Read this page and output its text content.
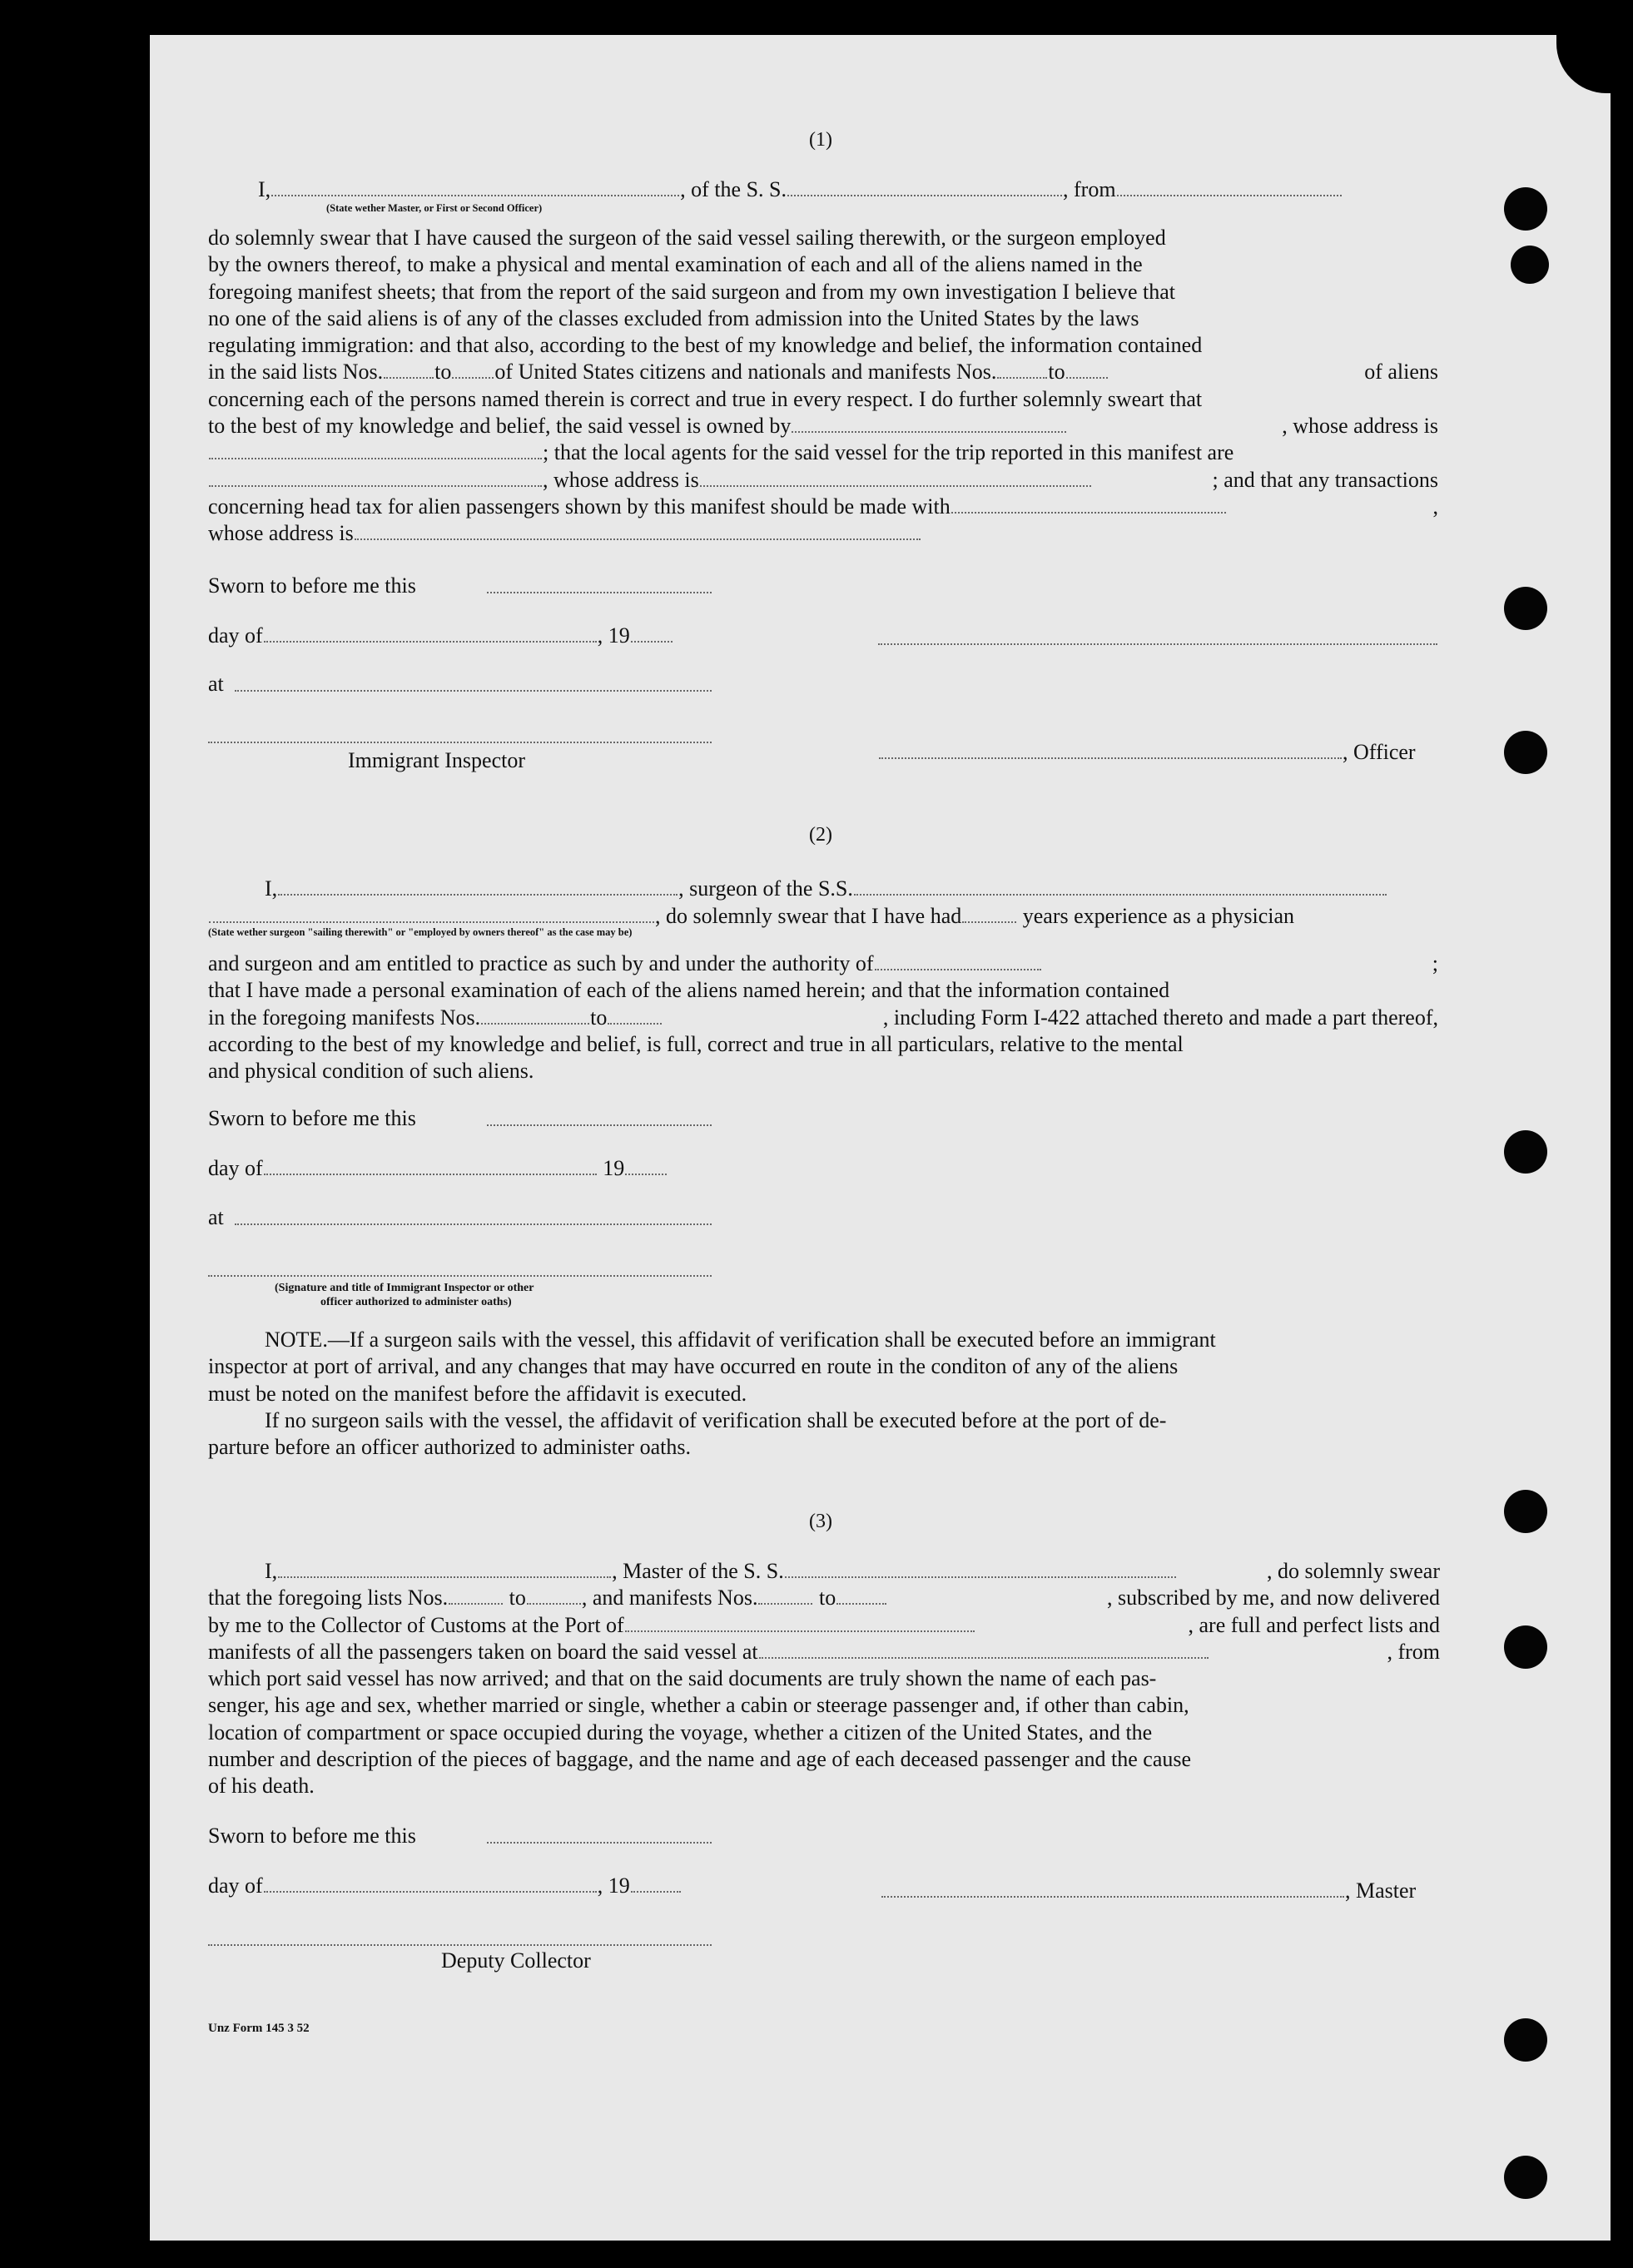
(1)
I,	, of the S. S.	, from
(State wether Master, or First or Second Officer)
do solemnly swear that I have caused the surgeon of the said vessel sailing therewith, or the surgeon employed
by the owners thereof, to make a physical and mental examination of each and all of the aliens named in the
foregoing manifest sheets; that from the report of the said surgeon and from my own investigation I believe that
no one of the said aliens is of any of the classes excluded from admission into the United States by the laws
regulating immigration: and that also, according to the best of my knowledge and belief, the information contained
in the said lists Nos. to of United States citizens and nationals and manifests Nos. to	of aliens
concerning each of the persons named therein is correct and true in every respect. I do further solemnly sweart that
to the best of my knowledge and belief, the said vessel is owned by	, whose address is
; that the local agents for the said vessel for the trip reported in this manifest are
, whose address is	; and that any transactions
concerning head tax for alien passengers shown by this manifest should be made with	,
whose address is
Sworn to before me this
day of	, 19
at
Immigrant Inspector	, Officer
(2)
I,	, surgeon of the S.S.
, do solemnly swear that I have had	years experience as a physician
(State wether surgeon "sailing therewith" or "employed by owners thereof" as the case may be)
and surgeon and am entitled to practice as such by and under the authority of	;
that I have made a personal examination of each of the aliens named herein; and that the information contained
in the foregoing manifests Nos.	to	, including Form I-422 attached thereto and made a part thereof,
according to the best of my knowledge and belief, is full, correct and true in all particulars, relative to the mental
and physical condition of such aliens.
Sworn to before me this
day of	19
at
(Signature and title of Immigrant Inspector or other
officer authorized to administer oaths)
NOTE.—If a surgeon sails with the vessel, this affidavit of verification shall be executed before an immigrant
inspector at port of arrival, and any changes that may have occurred en route in the conditon of any of the aliens
must be noted on the manifest before the affidavit is executed.
If no surgeon sails with the vessel, the affidavit of verification shall be executed before at the port of de-
parture before an officer authorized to administer oaths.
(3)
I,	, Master of the S. S.	, do solemnly swear
that the foregoing lists Nos.	to	, and manifests Nos.	to	, subscribed by me, and now delivered
by me to the Collector of Customs at the Port of	, are full and perfect lists and
manifests of all the passengers taken on board the said vessel at	, from
which port said vessel has now arrived; and that on the said documents are truly shown the name of each pas-
senger, his age and sex, whether married or single, whether a cabin or steerage passenger and, if other than cabin,
location of compartment or space occupied during the voyage, whether a citizen of the United States, and the
number and description of the pieces of baggage, and the name and age of each deceased passenger and the cause
of his death.
Sworn to before me this
day of	, 19	, Master
Deputy Collector
Unz Form 145 3 52
